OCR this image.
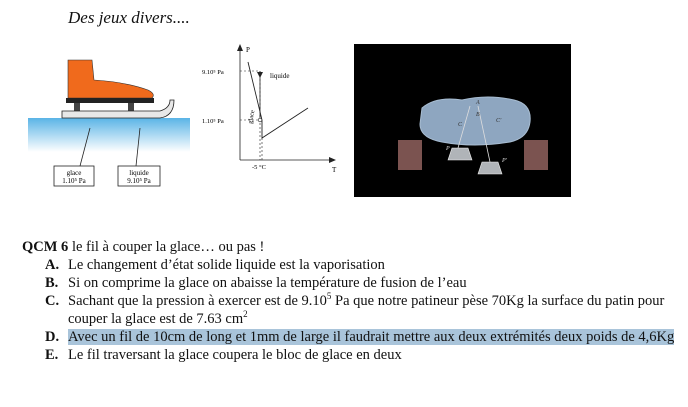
Des jeux divers....
glace
1.10⁵ Pa
liquide
9.10⁵ Pa
P
T
9.10⁵ Pa
1.10⁵ Pa
-5 °C
liquide
glace
A
B
C
C'
P
P'
QCM 6 le fil à couper la glace… ou pas !
A. Le changement d’état solide liquide est la vaporisation
B. Si on comprime la glace on abaisse la température de fusion de l’eau
C. Sachant que la pression à exercer est de 9.10$^5$ Pa que notre patineur pèse 70Kg la surface du patin pour couper la glace est de 7.63 $cm^2$
D. Avec un fil de 10cm de long et 1mm de large il faudrait mettre aux deux extrémités deux poids de 4,6Kg
E. Le fil traversant la glace coupera le bloc de glace en deux
